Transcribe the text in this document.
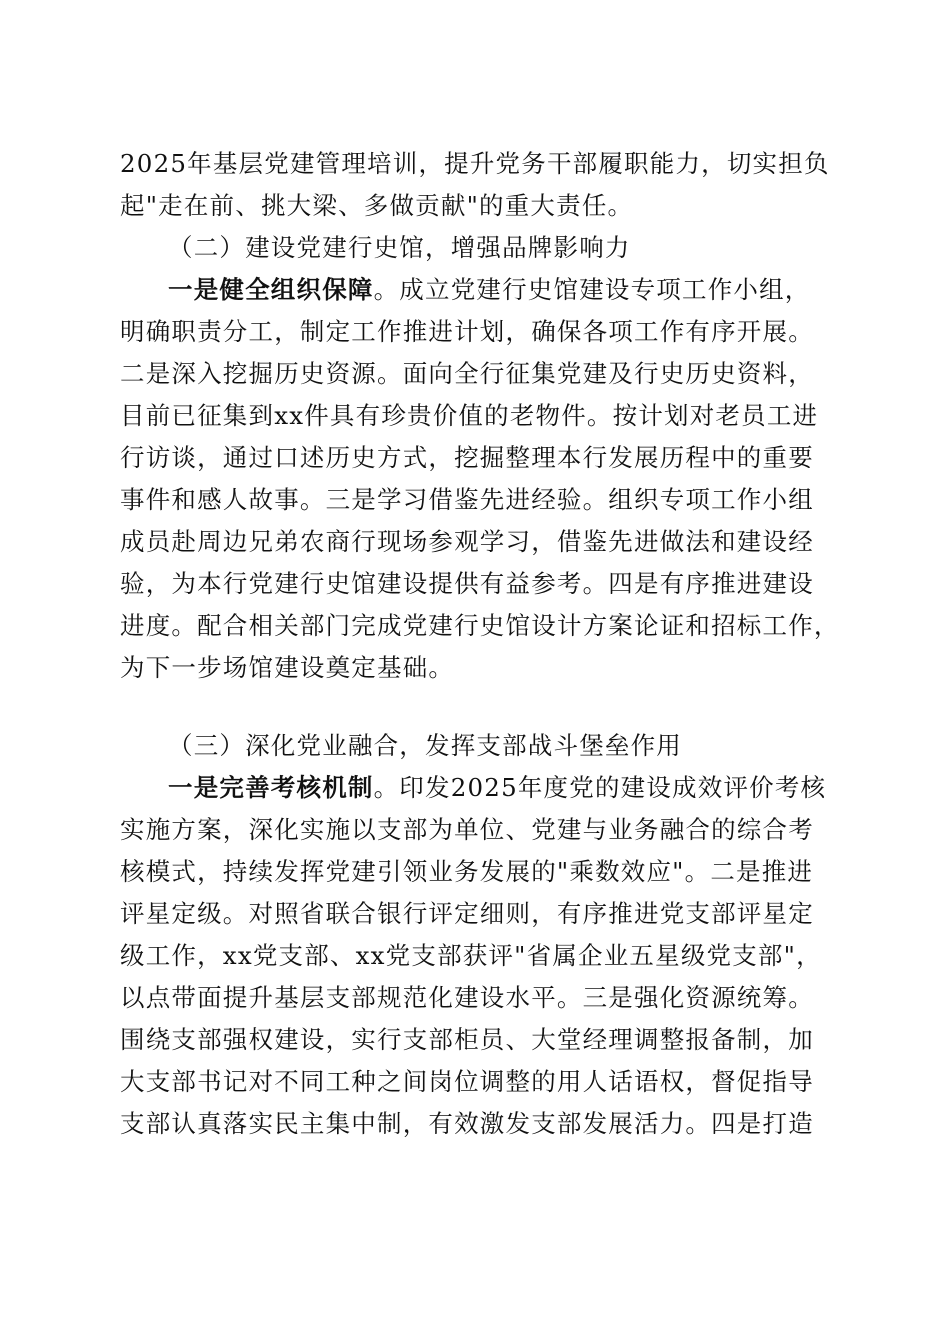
2025年基层党建管理培训，提升党务干部履职能力，切实担负
起"走在前、挑大梁、多做贡献"的重大责任。
（二）建设党建行史馆，增强品牌影响力
一是健全组织保障。成立党建行史馆建设专项工作小组，
明确职责分工，制定工作推进计划，确保各项工作有序开展。
二是深入挖掘历史资源。面向全行征集党建及行史历史资料，
目前已征集到xx件具有珍贵价值的老物件。按计划对老员工进
行访谈，通过口述历史方式，挖掘整理本行发展历程中的重要
事件和感人故事。三是学习借鉴先进经验。组织专项工作小组
成员赴周边兄弟农商行现场参观学习，借鉴先进做法和建设经
验，为本行党建行史馆建设提供有益参考。四是有序推进建设
进度。配合相关部门完成党建行史馆设计方案论证和招标工作，
为下一步场馆建设奠定基础。
（三）深化党业融合，发挥支部战斗堡垒作用
一是完善考核机制。印发2025年度党的建设成效评价考核
实施方案，深化实施以支部为单位、党建与业务融合的综合考
核模式，持续发挥党建引领业务发展的"乘数效应"。二是推进
评星定级。对照省联合银行评定细则，有序推进党支部评星定
级工作，xx党支部、xx党支部获评"省属企业五星级党支部"，
以点带面提升基层支部规范化建设水平。三是强化资源统筹。
围绕支部强权建设，实行支部柜员、大堂经理调整报备制，加
大支部书记对不同工种之间岗位调整的用人话语权，督促指导
支部认真落实民主集中制，有效激发支部发展活力。四是打造
